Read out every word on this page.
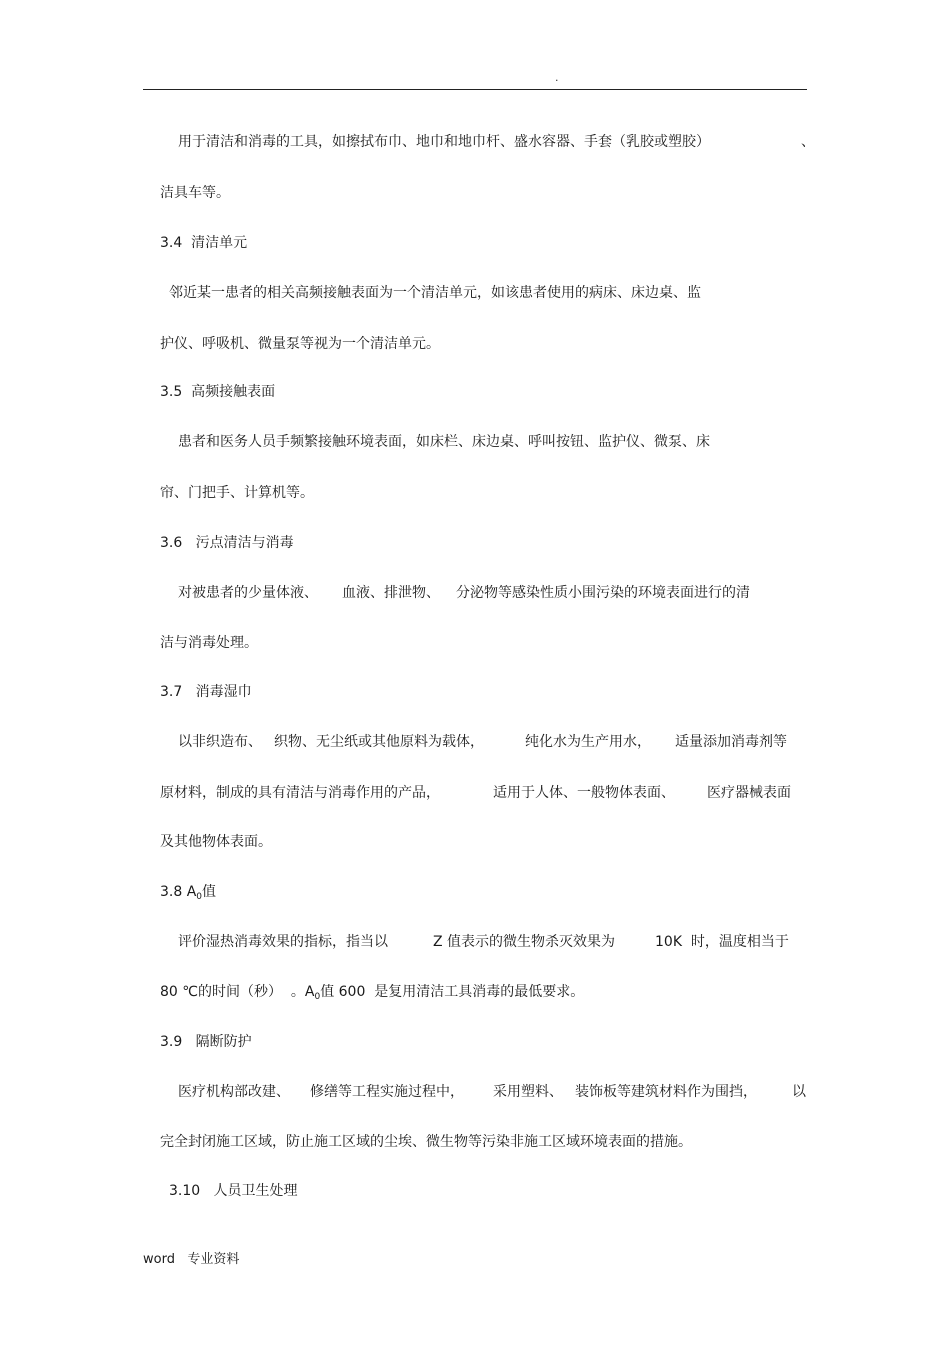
.
用于清洁和消毒的工具，如擦拭布巾、地巾和地巾杆、盛水容器、手套（乳胶或塑胶）	、
洁具车等。
3.4  清洁单元
邻近某一患者的相关高频接触表面为一个清洁单元，如该患者使用的病床、床边桌、监
护仪、呼吸机、微量泵等视为一个清洁单元。
3.5  高频接触表面
患者和医务人员手频繁接触环境表面，如床栏、床边桌、呼叫按钮、监护仪、微泵、床
帘、门把手、计算机等。
3.6   污点清洁与消毒
对被患者的少量体液、 血液、排泄物、 分泌物等感染性质小围污染的环境表面进行的清
洁与消毒处理。
3.7   消毒湿巾
以非织造布、 织物、无尘纸或其他原料为载体，	纯化水为生产用水， 适量添加消毒剂等
原材料，制成的具有清洁与消毒作用的产品，	适用于人体、一般物体表面、 医疗器械表面
及其他物体表面。
3.8 $A_0$值
评价湿热消毒效果的指标，指当以	Z 值表示的微生物杀灭效果为	10K  时，温度相当于
80 ℃的时间（秒）  。$A_0$值 600  是复用清洁工具消毒的最低要求。
3.9   隔断防护
医疗机构部改建、 修缮等工程实施过程中， 采用塑料、 装饰板等建筑材料作为围挡，	以
完全封闭施工区域，防止施工区域的尘埃、微生物等污染非施工区域环境表面的措施。
3.10   人员卫生处理
word   专业资料
